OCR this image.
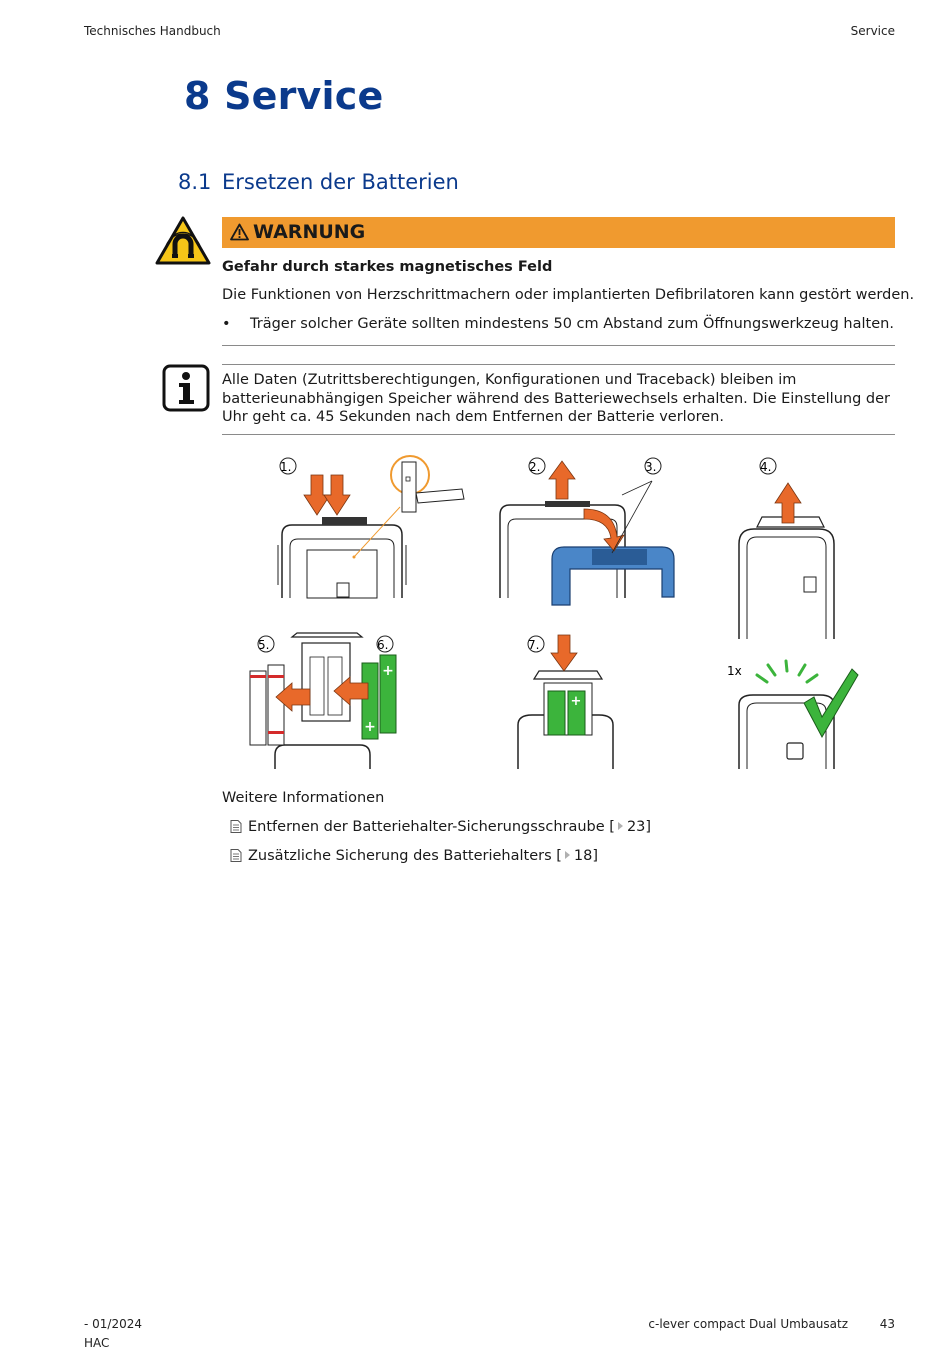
Technisches Handbuch	Service
8 Service
8.1 Ersetzen der Batterien
WARNUNG
Gefahr durch starkes magnetisches Feld
Die Funktionen von Herzschrittmachern oder implantierten Defibrilatoren kann gestört werden.
• Träger solcher Geräte sollten mindestens 50 cm Abstand zum Öffnungswerkzeug halten.
Alle Daten (Zutrittsberechtigungen, Konfigurationen und Traceback) bleiben im batterieunabhängigen Speicher während des Batteriewechsels erhalten. Die Einstellung der Uhr geht ca. 45 Sekunden nach dem Entfernen der Batterie verloren.
1.	2.	3.	4.
+
+
5.	6.
+
7.
1x
Weitere Informationen
Entfernen der Batteriehalter-Sicherungsschraube [ 23]
Zusätzliche Sicherung des Batteriehalters [ 18]
- 01/2024
HAC
c-lever compact Dual Umbausatz	43
